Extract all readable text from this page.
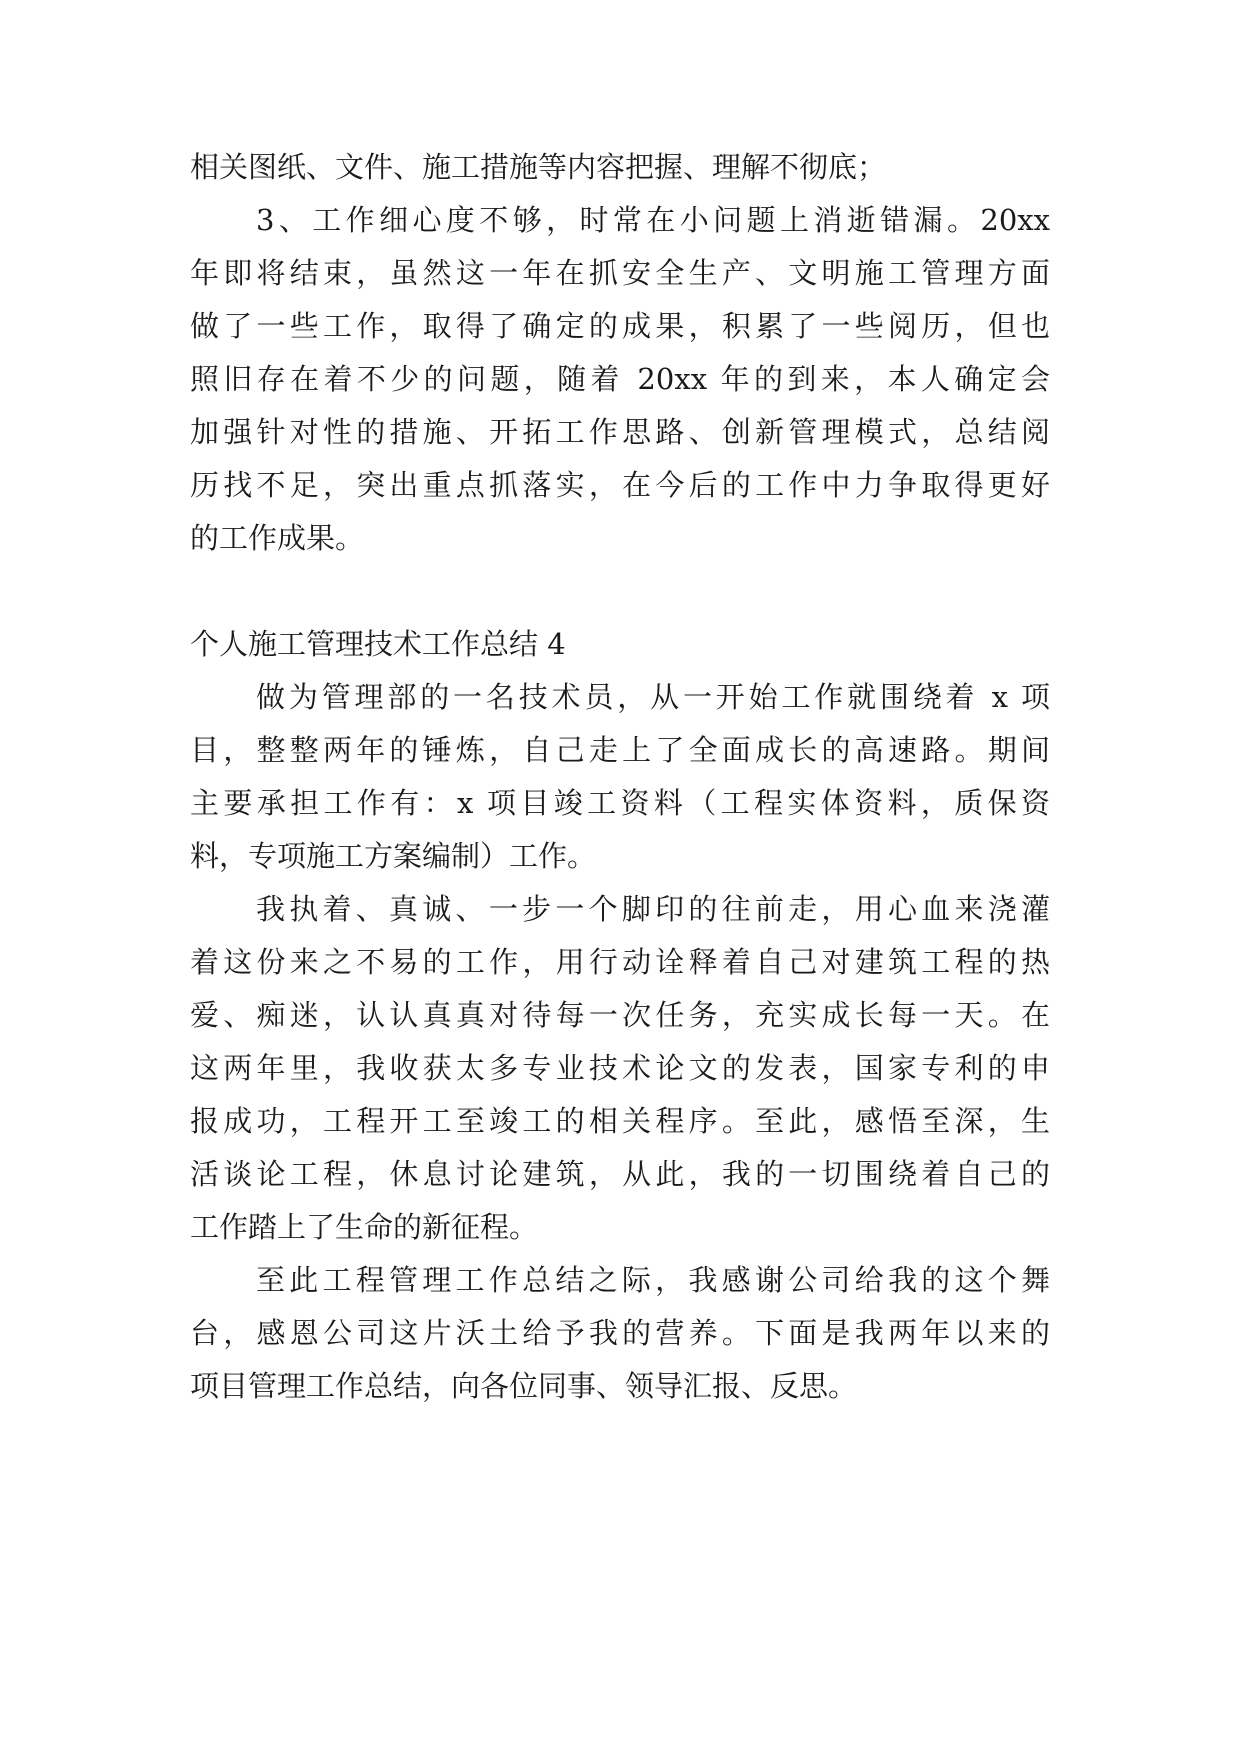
相关图纸、文件、施工措施等内容把握、理解不彻底；
3、工作细心度不够，时常在小问题上消逝错漏。20xx
年即将结束，虽然这一年在抓安全生产、文明施工管理方面
做了一些工作，取得了确定的成果，积累了一些阅历，但也
照旧存在着不少的问题，随着 20xx 年的到来，本人确定会
加强针对性的措施、开拓工作思路、创新管理模式，总结阅
历找不足，突出重点抓落实，在今后的工作中力争取得更好
的工作成果。
个人施工管理技术工作总结 4
做为管理部的一名技术员，从一开始工作就围绕着 x 项
目，整整两年的锤炼，自己走上了全面成长的高速路。期间
主要承担工作有：x 项目竣工资料（工程实体资料，质保资
料，专项施工方案编制）工作。
我执着、真诚、一步一个脚印的往前走，用心血来浇灌
着这份来之不易的工作，用行动诠释着自己对建筑工程的热
爱、痴迷，认认真真对待每一次任务，充实成长每一天。在
这两年里，我收获太多专业技术论文的发表，国家专利的申
报成功，工程开工至竣工的相关程序。至此，感悟至深，生
活谈论工程，休息讨论建筑，从此，我的一切围绕着自己的
工作踏上了生命的新征程。
至此工程管理工作总结之际，我感谢公司给我的这个舞
台，感恩公司这片沃土给予我的营养。下面是我两年以来的
项目管理工作总结，向各位同事、领导汇报、反思。
